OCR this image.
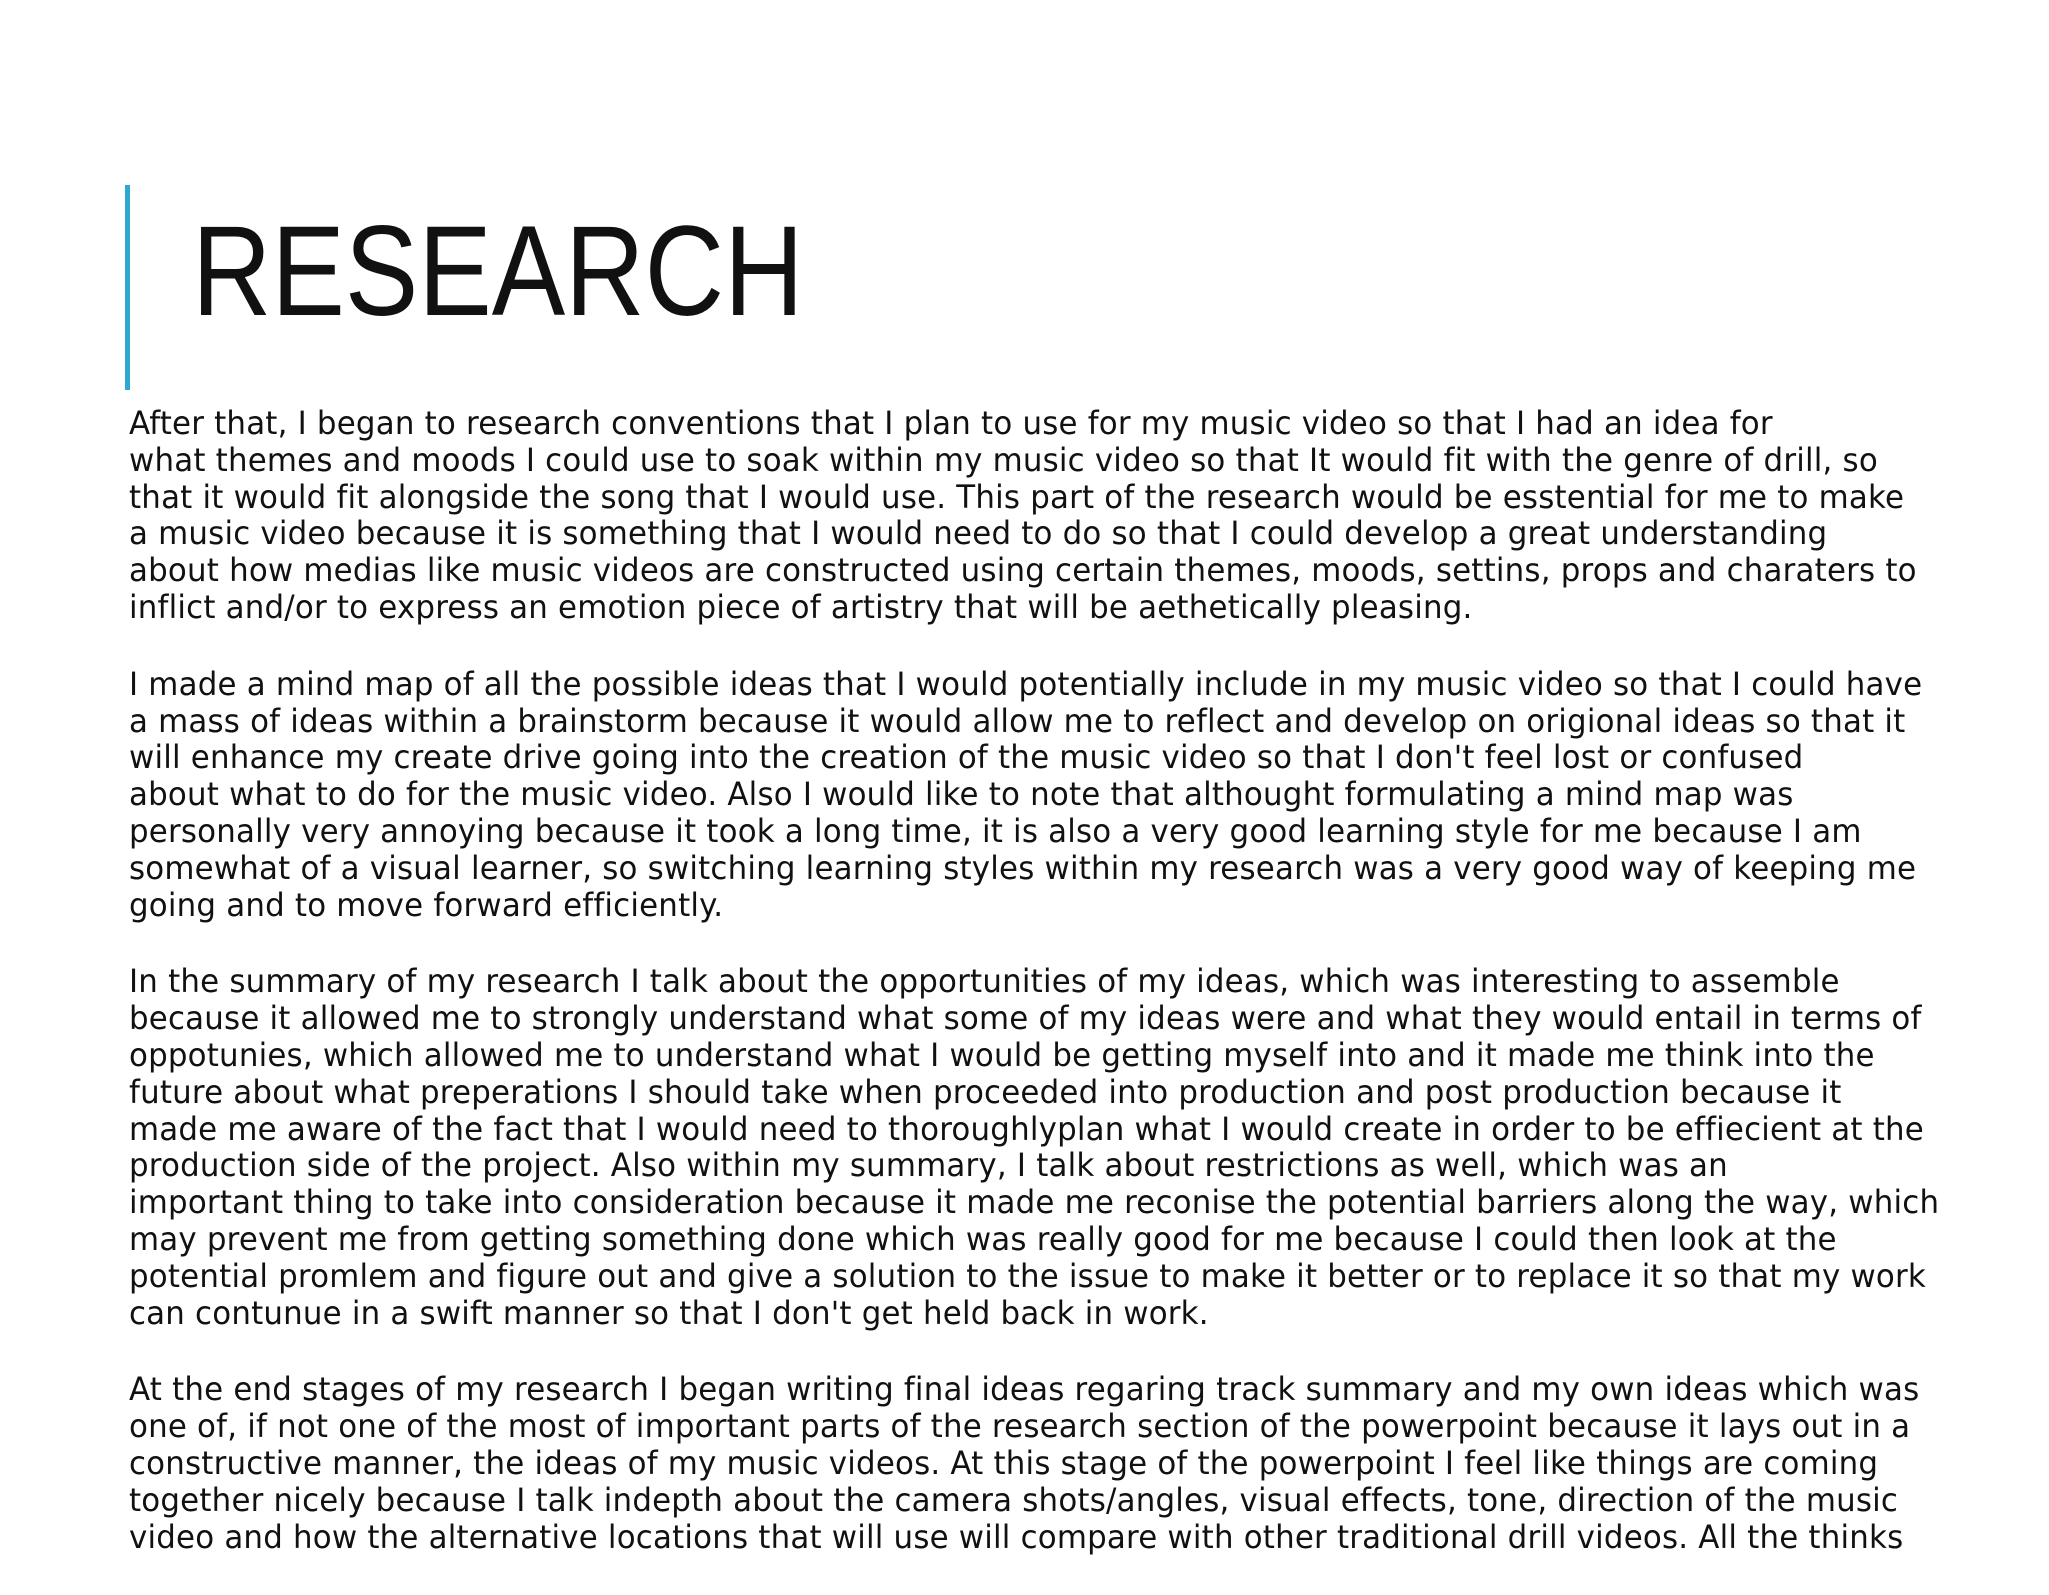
RESEARCH

After that, I began to research conventions that I plan to use for my music video so that I had an idea for
what themes and moods I could use to soak within my music video so that It would fit with the genre of drill, so
that it would fit alongside the song that I would use. This part of the research would be esstential for me to make
a music video because it is something that I would need to do so that I could develop a great understanding
about how medias like music videos are constructed using certain themes, moods, settins, props and charaters to
inflict and/or to express an emotion piece of artistry that will be aethetically pleasing.

I made a mind map of all the possible ideas that I would potentially include in my music video so that I could have
a mass of ideas within a brainstorm because it would allow me to reflect and develop on origional ideas so that it
will enhance my create drive going into the creation of the music video so that I don't feel lost or confused
about what to do for the music video. Also I would like to note that althought formulating a mind map was
personally very annoying because it took a long time, it is also a very good learning style for me because I am
somewhat of a visual learner, so switching learning styles within my research was a very good way of keeping me
going and to move forward efficiently.

In the summary of my research I talk about the opportunities of my ideas, which was interesting to assemble
because it allowed me to strongly understand what some of my ideas were and what they would entail in terms of
oppotunies, which allowed me to understand what I would be getting myself into and it made me think into the
future about what preperations I should take when proceeded into production and post production because it
made me aware of the fact that I would need to thoroughlyplan what I would create in order to be effiecient at the
production side of the project. Also within my summary, I talk about restrictions as well, which was an
important thing to take into consideration because it made me reconise the potential barriers along the way, which
may prevent me from getting something done which was really good for me because I could then look at the
potential promlem and figure out and give a solution to the issue to make it better or to replace it so that my work
can contunue in a swift manner so that I don't get held back in work.

At the end stages of my research I began writing final ideas regaring track summary and my own ideas which was
one of, if not one of the most of important parts of the research section of the powerpoint because it lays out in a
constructive manner, the ideas of my music videos. At this stage of the powerpoint I feel like things are coming
together nicely because I talk indepth about the camera shots/angles, visual effects, tone, direction of the music
video and how the alternative locations that will use will compare with other traditional drill videos. All the thinks
